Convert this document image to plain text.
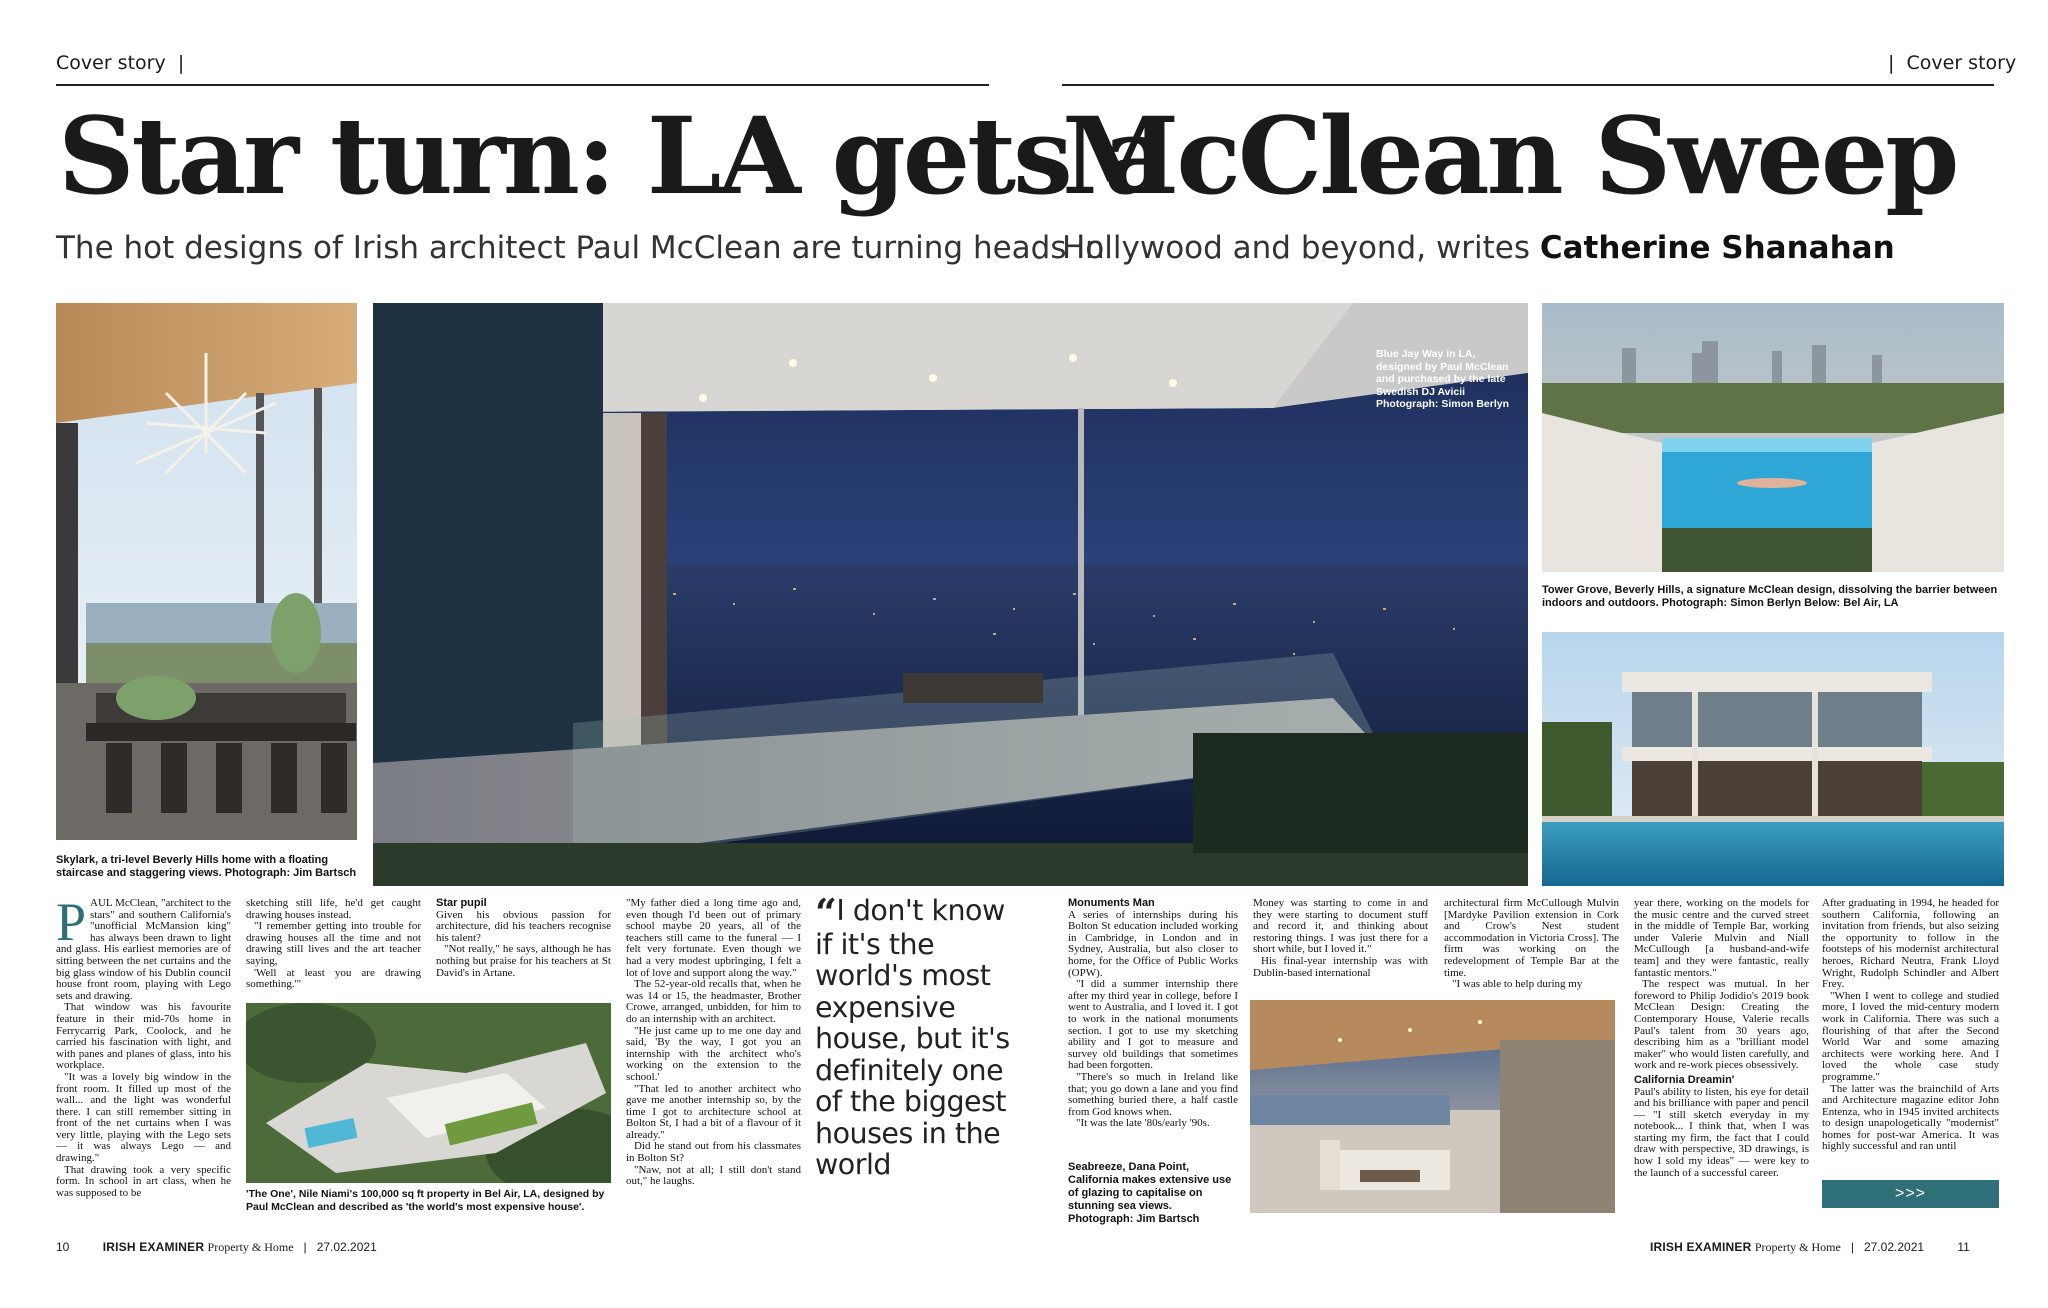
Cover story |	| Cover story
Star turn: LA gets a
McClean Sweep
The hot designs of Irish architect Paul McClean are turning heads in
Hollywood and beyond, writes Catherine Shanahan
Skylark, a tri-level Beverly Hills home with a floating staircase and staggering views. Photograph: Jim Bartsch
Blue Jay Way in LA, designed by Paul McClean and purchased by the late Swedish DJ Avicii Photograph: Simon Berlyn
Tower Grove, Beverly Hills, a signature McClean design, dissolving the barrier between indoors and outdoors. Photograph: Simon Berlyn Below: Bel Air, LA
'The One', Nile Niami's 100,000 sq ft property in Bel Air, LA, designed by Paul McClean and described as 'the world's most expensive house'.
Seabreeze, Dana Point, California makes extensive use of glazing to capitalise on stunning sea views. Photograph: Jim Bartsch

PAUL McClean, "architect to the stars" and southern California's "unofficial McMansion king" has always been drawn to light and glass. His earliest memories are of sitting between the net curtains and the big glass window of his Dublin council house front room, playing with Lego sets and drawing.

That window was his favourite feature in their mid-70s home in Ferrycarrig Park, Coolock, and he carried his fascination with light, and with panes and planes of glass, into his workplace.

"It was a lovely big window in the front room. It filled up most of the wall... and the light was wonderful there. I can still remember sitting in front of the net curtains when I was very little, playing with the Lego sets — it was always Lego — and drawing."

That drawing took a very specific form. In school in art class, when he was supposed to be

sketching still life, he'd get caught drawing houses instead.

"I remember getting into trouble for drawing houses all the time and not drawing still lives and the art teacher saying,

'Well at least you are drawing something.'"

Star pupil

Given his obvious passion for architecture, did his teachers recognise his talent?

"Not really," he says, although he has nothing but praise for his teachers at St David's in Artane.

"My father died a long time ago and, even though I'd been out of primary school maybe 20 years, all of the teachers still came to the funeral — I felt very fortunate. Even though we had a very modest upbringing, I felt a lot of love and support along the way."

The 52-year-old recalls that, when he was 14 or 15, the headmaster, Brother Crowe, arranged, unbidden, for him to do an internship with an architect.

"He just came up to me one day and said, 'By the way, I got you an internship with the architect who's working on the extension to the school.'

"That led to another architect who gave me another internship so, by the time I got to architecture school at Bolton St, I had a bit of a flavour of it already."

Did he stand out from his classmates in Bolton St?

"Naw, not at all; I still don't stand out," he laughs.

“I don't know if it's the world's most expensive house, but it's definitely one of the biggest houses in the world

Monuments Man

A series of internships during his Bolton St education included working in Cambridge, in London and in Sydney, Australia, but also closer to home, for the Office of Public Works (OPW).

"I did a summer internship there after my third year in college, before I went to Australia, and I loved it. I got to work in the national monuments section. I got to use my sketching ability and I got to measure and survey old buildings that sometimes had been forgotten.

"There's so much in Ireland like that; you go down a lane and you find something buried there, a half castle from God knows when.

"It was the late '80s/early '90s.

Money was starting to come in and they were starting to document stuff and record it, and thinking about restoring things. I was just there for a short while, but I loved it."

His final-year internship was with Dublin-based international

architectural firm McCullough Mulvin [Mardyke Pavilion extension in Cork and Crow's Nest student accommodation in Victoria Cross]. The firm was working on the redevelopment of Temple Bar at the time.

"I was able to help during my

year there, working on the models for the music centre and the curved street in the middle of Temple Bar, working under Valerie Mulvin and Niall McCullough [a husband-and-wife team] and they were fantastic, really fantastic mentors."

The respect was mutual. In her foreword to Philip Jodidio's 2019 book McClean Design: Creating the Contemporary House, Valerie recalls Paul's talent from 30 years ago, describing him as a "brilliant model maker" who would listen carefully, and work and re-work pieces obsessively.

California Dreamin'

Paul's ability to listen, his eye for detail and his brilliance with paper and pencil — "I still sketch everyday in my notebook... I think that, when I was starting my firm, the fact that I could draw with perspective, 3D drawings, is how I sold my ideas" — were key to the launch of a successful career.

After graduating in 1994, he headed for southern California, following an invitation from friends, but also seizing the opportunity to follow in the footsteps of his modernist architectural heroes, Richard Neutra, Frank Lloyd Wright, Rudolph Schindler and Albert Frey.

"When I went to college and studied more, I loved the mid-century modern work in California. There was such a flourishing of that after the Second World War and some amazing architects were working here. And I loved the whole case study programme."

The latter was the brainchild of Arts and Architecture magazine editor John Entenza, who in 1945 invited architects to design unapologetically "modernist" homes for post-war America. It was highly successful and ran until

>>>
10	IRISH EXAMINER Property & Home | 27.02.2021	IRISH EXAMINER Property & Home | 27.02.2021	11
